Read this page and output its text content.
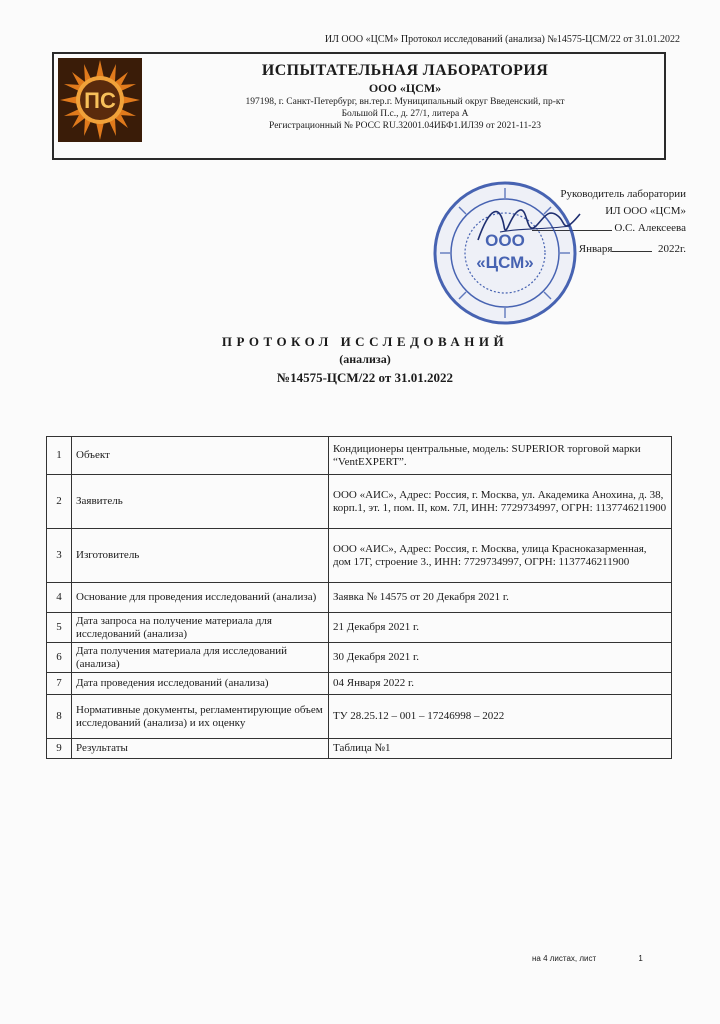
ИЛ ООО «ЦСМ» Протокол исследований (анализа) №14575-ЦСМ/22 от 31.01.2022
ПС
ИСПЫТАТЕЛЬНАЯ ЛАБОРАТОРИЯ
ООО «ЦСМ»
197198, г. Санкт-Петербург, вн.тер.г. Муниципальный округ Введенский, пр-кт
Большой П.с., д. 27/1, литера А
Регистрационный № РОСС RU.32001.04ИБФ1.ИЛ39 от 2021-11-23
Руководитель лаборатории
ИЛ ООО «ЦСМ»
О.С. Алексеева
Января	2022г.
ООО
«ЦСМ»
ПРОТОКОЛ ИССЛЕДОВАНИЙ
(анализа)
№14575-ЦСМ/22 от 31.01.2022
1	Объект	Кондиционеры центральные, модель: SUPERIOR торговой марки “VentEXPERT”.
2	Заявитель	ООО «АИС», Адрес: Россия, г. Москва, ул. Академика Анохина, д. 38, корп.1, эт. 1, пом. II, ком. 7Л, ИНН: 7729734997, ОГРН: 1137746211900
3	Изготовитель	ООО «АИС», Адрес: Россия, г. Москва, улица Красноказарменная, дом 17Г, строение 3., ИНН: 7729734997, ОГРН: 1137746211900
4	Основание для проведения исследований (анализа)	Заявка № 14575 от 20 Декабря 2021 г.
5	Дата запроса на получение материала для исследований (анализа)	21 Декабря 2021 г.
6	Дата получения материала для исследований (анализа)	30 Декабря 2021 г.
7	Дата проведения исследований (анализа)	04 Января 2022 г.
8	Нормативные документы, регламентирующие объем исследований (анализа) и их оценку	ТУ 28.25.12 – 001 – 17246998 – 2022
9	Результаты	Таблица №1
на 4 листах, лист	1
